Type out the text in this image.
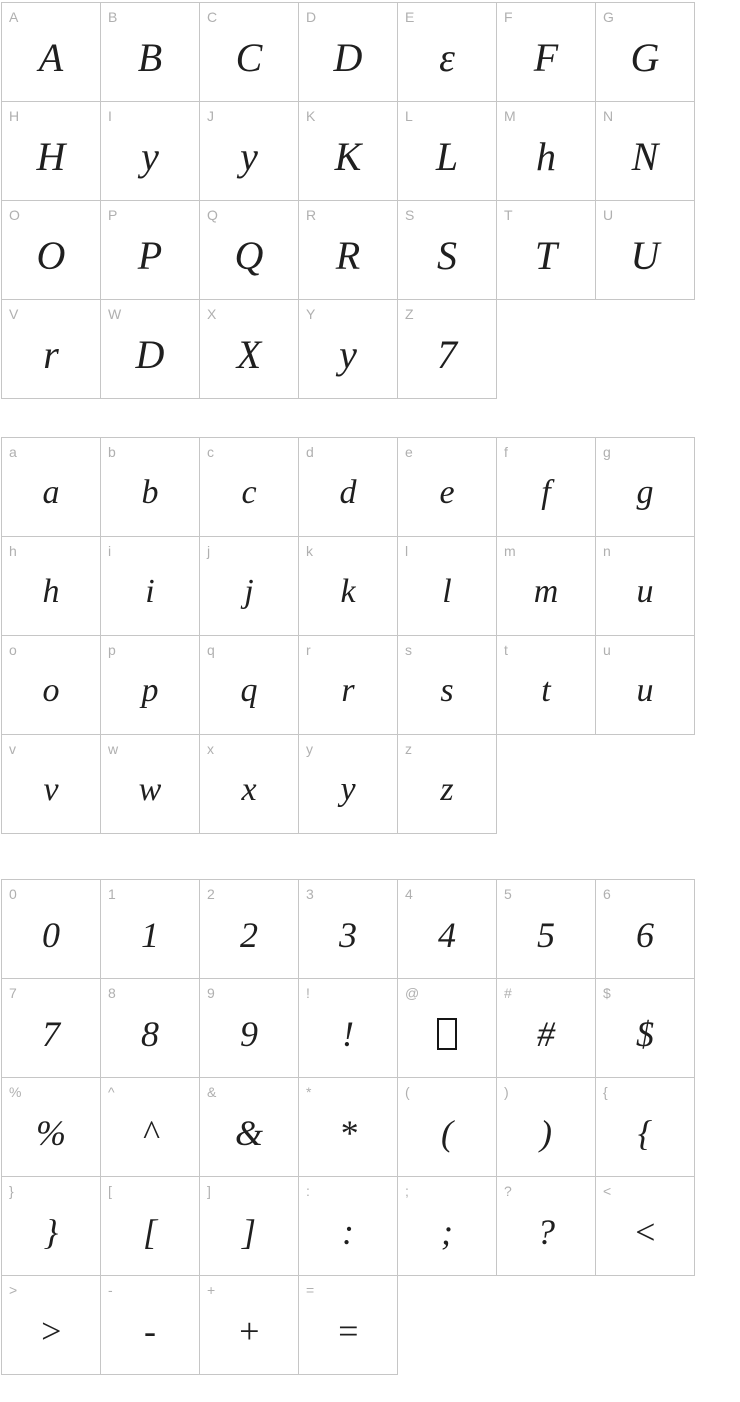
A
A
B
B
C
C
D
D
E
ε
F
F
G
G
H
H
I
y
J
y
K
K
L
L
M
h
N
N
O
O
P
P
Q
Q
R
R
S
S
T
T
U
U
V
r
W
D
X
X
Y
y
Z
7
a
a
b
b
c
c
d
d
e
e
f
f
g
g
h
h
i
i
j
j
k
k
l
l
m
m
n
u
o
o
p
p
q
q
r
r
s
s
t
t
u
u
v
v
w
w
x
x
y
y
z
z
0
0
1
1
2
2
3
3
4
4
5
5
6
6
7
7
8
8
9
9
!
!
@	#
#
$
$
%
%
^
^
&
&
*
*
(
(
)
)
{
{
}
}
[
[
]
]
:
:
;
;
?
?
<
<
>
>
-
-
+
+
=
=
